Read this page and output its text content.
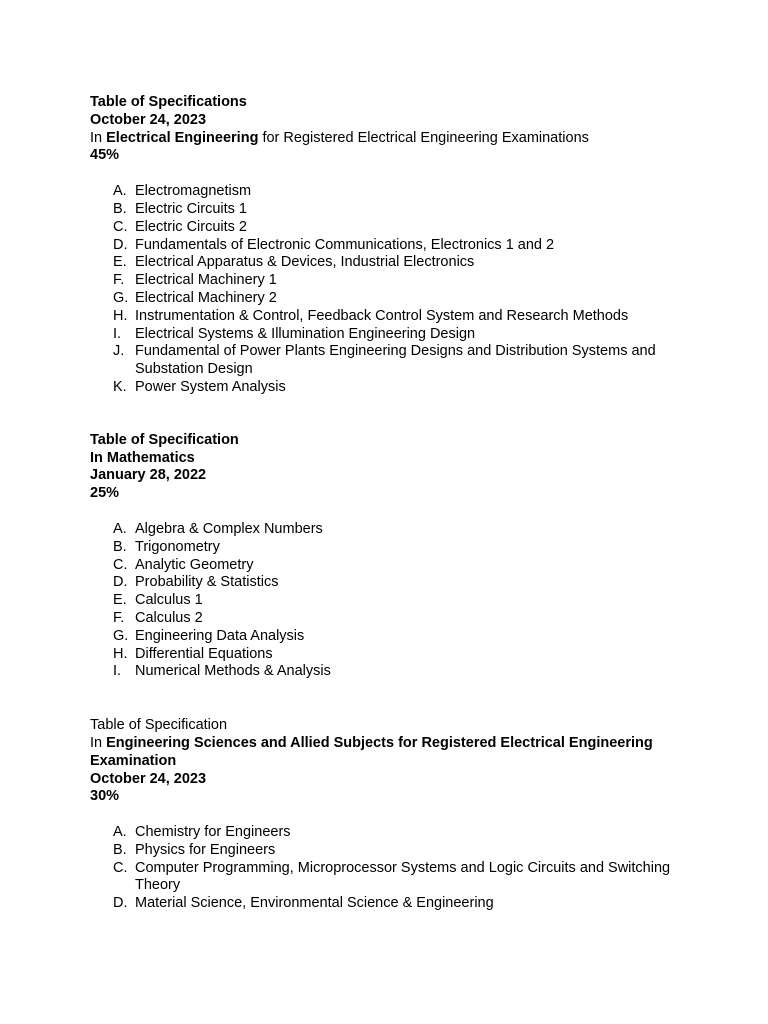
Table of Specifications
October 24, 2023
In Electrical Engineering for Registered Electrical Engineering Examinations
45%
A. Electromagnetism
B. Electric Circuits 1
C. Electric Circuits 2
D. Fundamentals of Electronic Communications, Electronics 1 and 2
E. Electrical Apparatus & Devices, Industrial Electronics
F. Electrical Machinery 1
G. Electrical Machinery 2
H. Instrumentation & Control, Feedback Control System and Research Methods
I. Electrical Systems & Illumination Engineering Design
J. Fundamental of Power Plants Engineering Designs and Distribution Systems and Substation Design
K. Power System Analysis
Table of Specification
In Mathematics
January 28, 2022
25%
A. Algebra & Complex Numbers
B. Trigonometry
C. Analytic Geometry
D. Probability & Statistics
E. Calculus 1
F. Calculus 2
G. Engineering Data Analysis
H. Differential Equations
I. Numerical Methods & Analysis
Table of Specification
In Engineering Sciences and Allied Subjects for Registered Electrical Engineering Examination
October 24, 2023
30%
A. Chemistry for Engineers
B. Physics for Engineers
C. Computer Programming, Microprocessor Systems and Logic Circuits and Switching Theory
D. Material Science, Environmental Science & Engineering
